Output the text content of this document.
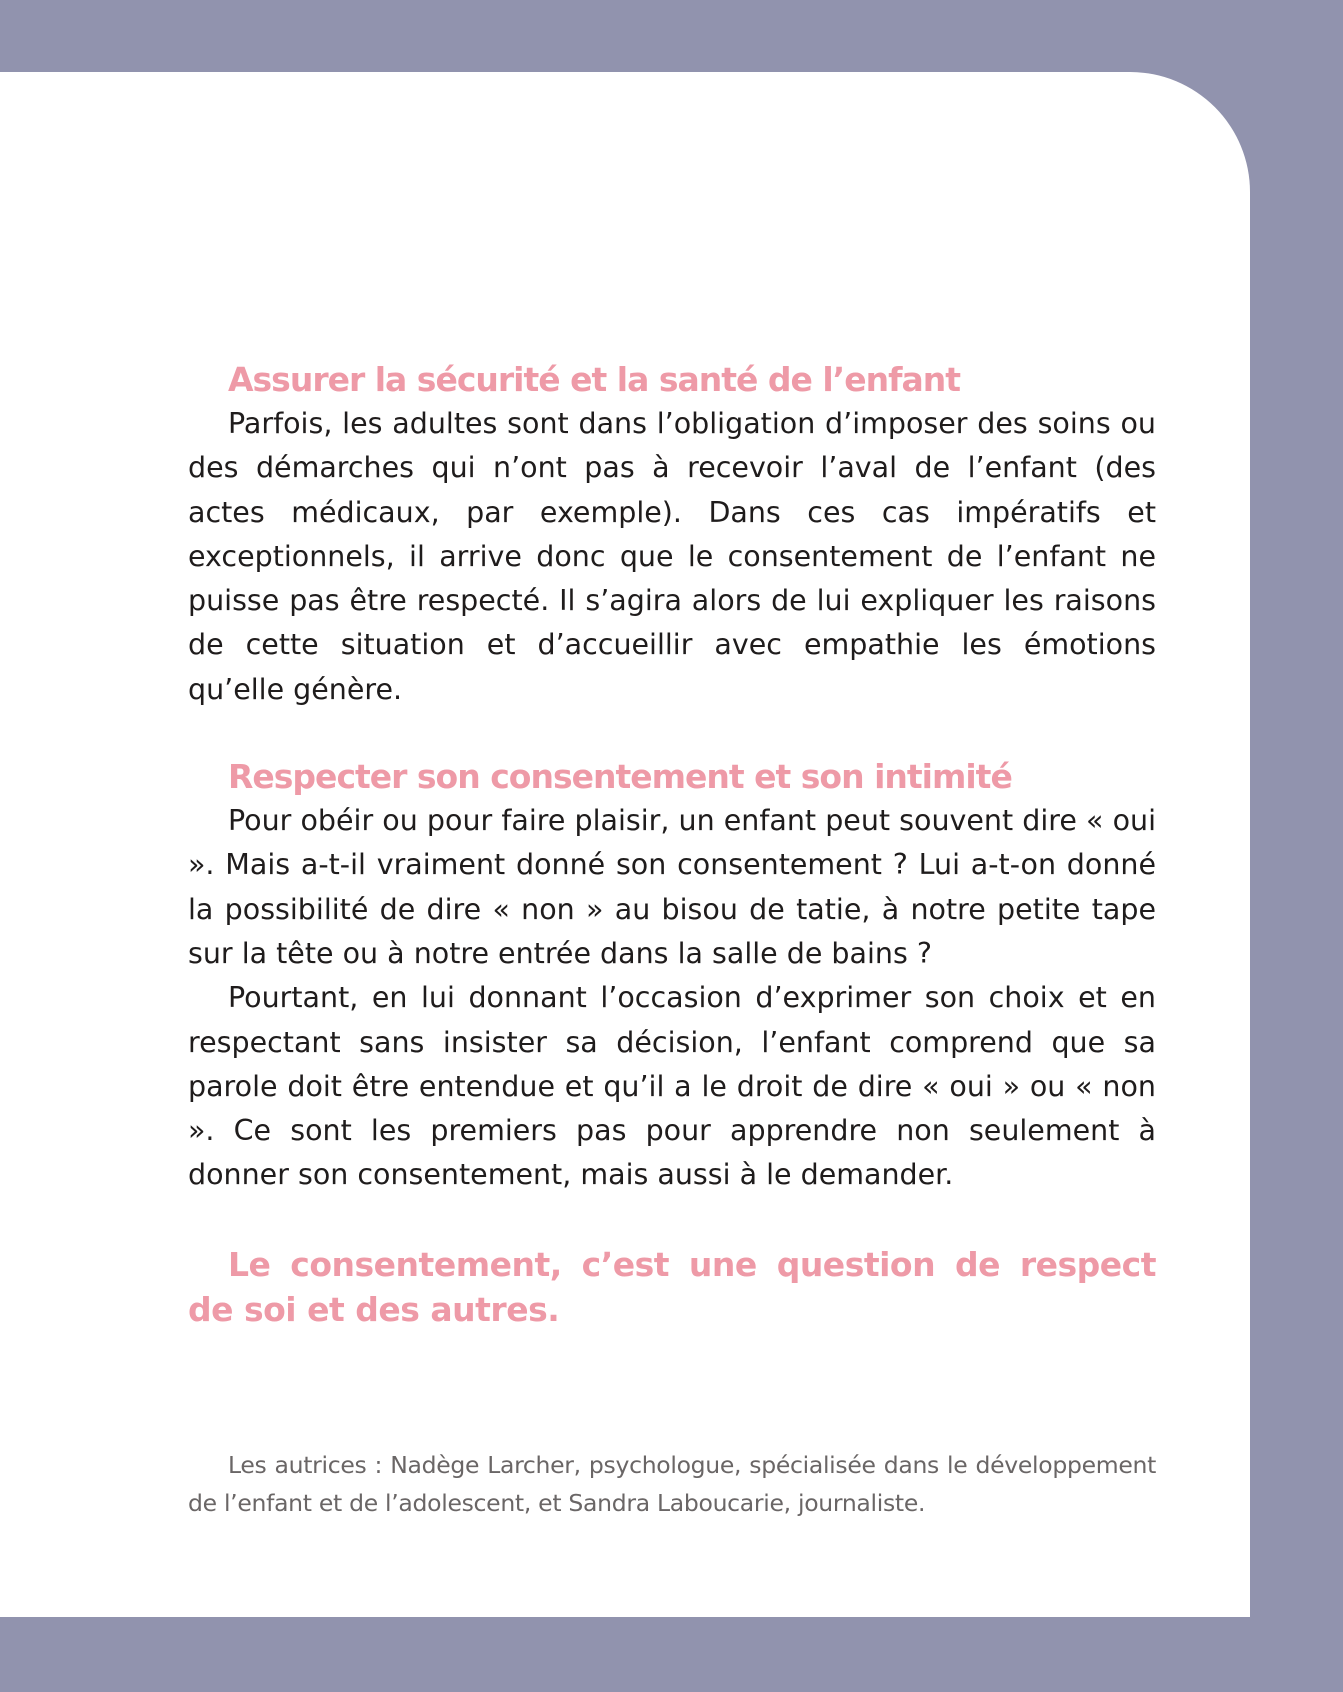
Assurer la sécurité et la santé de l’enfant

Parfois, les adultes sont dans l’obligation d’imposer des soins ou des démarches qui n’ont pas à recevoir l’aval de l’enfant (des actes médicaux, par exemple). Dans ces cas impératifs et exceptionnels, il arrive donc que le consentement de l’enfant ne puisse pas être respecté. Il s’agira alors de lui expliquer les raisons de cette situation et d’accueillir avec empathie les émotions qu’elle génère.

Respecter son consentement et son intimité

Pour obéir ou pour faire plaisir, un enfant peut souvent dire « oui ». Mais a-t-il vraiment donné son consentement ? Lui a-t-on donné la possibilité de dire « non » au bisou de tatie, à notre petite tape sur la tête ou à notre entrée dans la salle de bains ?

Pourtant, en lui donnant l’occasion d’exprimer son choix et en respectant sans insister sa décision, l’enfant comprend que sa parole doit être entendue et qu’il a le droit de dire « oui » ou « non ». Ce sont les premiers pas pour apprendre non seulement à donner son consentement, mais aussi à le demander.

Le consentement, c’est une question de respect de soi et des autres.

Les autrices : Nadège Larcher, psychologue, spécialisée dans le développement de l’enfant et de l’adolescent, et Sandra Laboucarie, journaliste.
